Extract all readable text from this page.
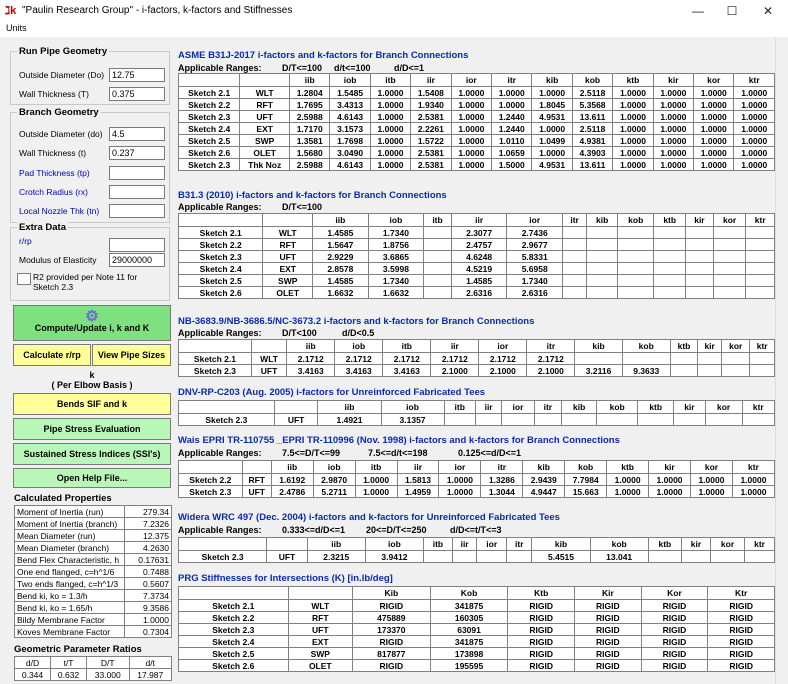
ℷk "Paulin Research Group" - i-factors, k-factors and Stiffnesses	—	☐	✕
Units
Run Pipe Geometry
Outside Diameter (Do) 12.75
Wall Thickness (T)	0.375
Branch Geometry
Outside Diameter (do)	4.5
Wall Thickness (t)	0.237
Pad Thickness (tp)
Crotch Radius (rx)
Local Nozzle Thk (tn)
Extra Data
r/rp
Modulus of Elasticity	29000000
R2 provided per Note 11 for Sketch 2.3
⚙
Compute/Update i, k and K
Calculate r/rp	View Pipe Sizes
k
( Per Elbow Basis )
Bends SIF and k
Pipe Stress Evaluation
Sustained Stress Indices (SSI's)
Open Help File...
Calculated Properties
Moment of Inertia (run)	279.34
Moment of Inertia (branch)	7.2326
Mean Diameter (run)	12.375
Mean Diameter (branch)	4.2630
Bend Flex Characteristic, h	0.17631
One end flanged, c=h^1/6	0.7488
Two ends flanged, c=h^1/3	0.5607
Bend ki, ko = 1.3/h	7.3734
Bend ki, ko = 1.65/h	9.3586
Bildy Membrane Factor	1.0000
Koves Membrane Factor	0.7304
Geometric Parameter Ratios
d/D	t/T	D/T	d/t
0.344	0.632	33.000	17.987
ASME B31J-2017 i-factors and k-factors for Branch Connections
Applicable Ranges: D/T<=100 d/t<=100	d/D<=1
		iib	iob	itb	iir	ior	itr	kib	kob	ktb	kir	kor	ktr
Sketch 2.1	WLT	1.2804	1.5485	1.0000	1.5408	1.0000	1.0000	1.0000	2.5118	1.0000	1.0000	1.0000	1.0000
Sketch 2.2	RFT	1.7695	3.4313	1.0000	1.9340	1.0000	1.0000	1.8045	5.3568	1.0000	1.0000	1.0000	1.0000
Sketch 2.3	UFT	2.5988	4.6143	1.0000	2.5381	1.0000	1.2440	4.9531	13.611	1.0000	1.0000	1.0000	1.0000
Sketch 2.4	EXT	1.7170	3.1573	1.0000	2.2261	1.0000	1.2440	1.0000	2.5118	1.0000	1.0000	1.0000	1.0000
Sketch 2.5	SWP	1.3581	1.7698	1.0000	1.5722	1.0000	1.0110	1.0499	4.9381	1.0000	1.0000	1.0000	1.0000
Sketch 2.6	OLET	1.5680	3.0490	1.0000	2.5381	1.0000	1.0659	1.0000	4.3903	1.0000	1.0000	1.0000	1.0000
Sketch 2.3	Thk Noz	2.5988	4.6143	1.0000	2.5381	1.0000	1.5000	4.9531	13.611	1.0000	1.0000	1.0000	1.0000
B31.3 (2010) i-factors and k-factors for Branch Connections
Applicable Ranges: D/T<=100
		iib	iob	itb	iir	ior	itr	kib	kob	ktb	kir	kor	ktr
Sketch 2.1	WLT	1.4585	1.7340		2.3077	2.7436							
Sketch 2.2	RFT	1.5647	1.8756		2.4757	2.9677							
Sketch 2.3	UFT	2.9229	3.6865		4.6248	5.8331							
Sketch 2.4	EXT	2.8578	3.5998		4.5219	5.6958							
Sketch 2.5	SWP	1.4585	1.7340		1.4585	1.7340							
Sketch 2.6	OLET	1.6632	1.6632		2.6316	2.6316							
NB-3683.9/NB-3686.5/NC-3673.2 i-factors and k-factors for Branch Connections
Applicable Ranges: D/T<100	d/D<0.5
		iib	iob	itb	iir	ior	itr	kib	kob	ktb	kir	kor	ktr
Sketch 2.1	WLT	2.1712	2.1712	2.1712	2.1712	2.1712	2.1712						
Sketch 2.3	UFT	3.4163	3.4163	3.4163	2.1000	2.1000	2.1000	3.2116	9.3633				
DNV-RP-C203 (Aug. 2005) i-factors for Unreinforced Fabricated Tees
		iib	iob	itb	iir	ior	itr	kib	kob	ktb	kir	kor	ktr
Sketch 2.3	UFT	1.4921	3.1357										
Wais EPRI TR-110755 _EPRI TR-110996 (Nov. 1998) i-factors and k-factors for Branch Connections
Applicable Ranges: 7.5<=D/T<=99	7.5<=d/t<=198	0.125<=d/D<=1
		iib	iob	itb	iir	ior	itr	kib	kob	ktb	kir	kor	ktr
Sketch 2.2	RFT	1.6192	2.9870	1.0000	1.5813	1.0000	1.3286	2.9439	7.7984	1.0000	1.0000	1.0000	1.0000
Sketch 2.3	UFT	2.4786	5.2711	1.0000	1.4959	1.0000	1.3044	4.9447	15.663	1.0000	1.0000	1.0000	1.0000
Widera WRC 497 (Dec. 2004) i-factors and k-factors for Unreinforced Fabricated Tees
Applicable Ranges: 0.333<=d/D<=1 20<=D/T<=250	d/D<=t/T<=3
		iib	iob	itb	iir	ior	itr	kib	kob	ktb	kir	kor	ktr
Sketch 2.3	UFT	2.3215	3.9412					5.4515	13.041				
PRG Stiffnesses for Intersections (K) [in.lb/deg]
		Kib	Kob	Ktb	Kir	Kor	Ktr
Sketch 2.1	WLT	RIGID	341875	RIGID	RIGID	RIGID	RIGID
Sketch 2.2	RFT	475889	160305	RIGID	RIGID	RIGID	RIGID
Sketch 2.3	UFT	173370	63091	RIGID	RIGID	RIGID	RIGID
Sketch 2.4	EXT	RIGID	341875	RIGID	RIGID	RIGID	RIGID
Sketch 2.5	SWP	817877	173898	RIGID	RIGID	RIGID	RIGID
Sketch 2.6	OLET	RIGID	195595	RIGID	RIGID	RIGID	RIGID
